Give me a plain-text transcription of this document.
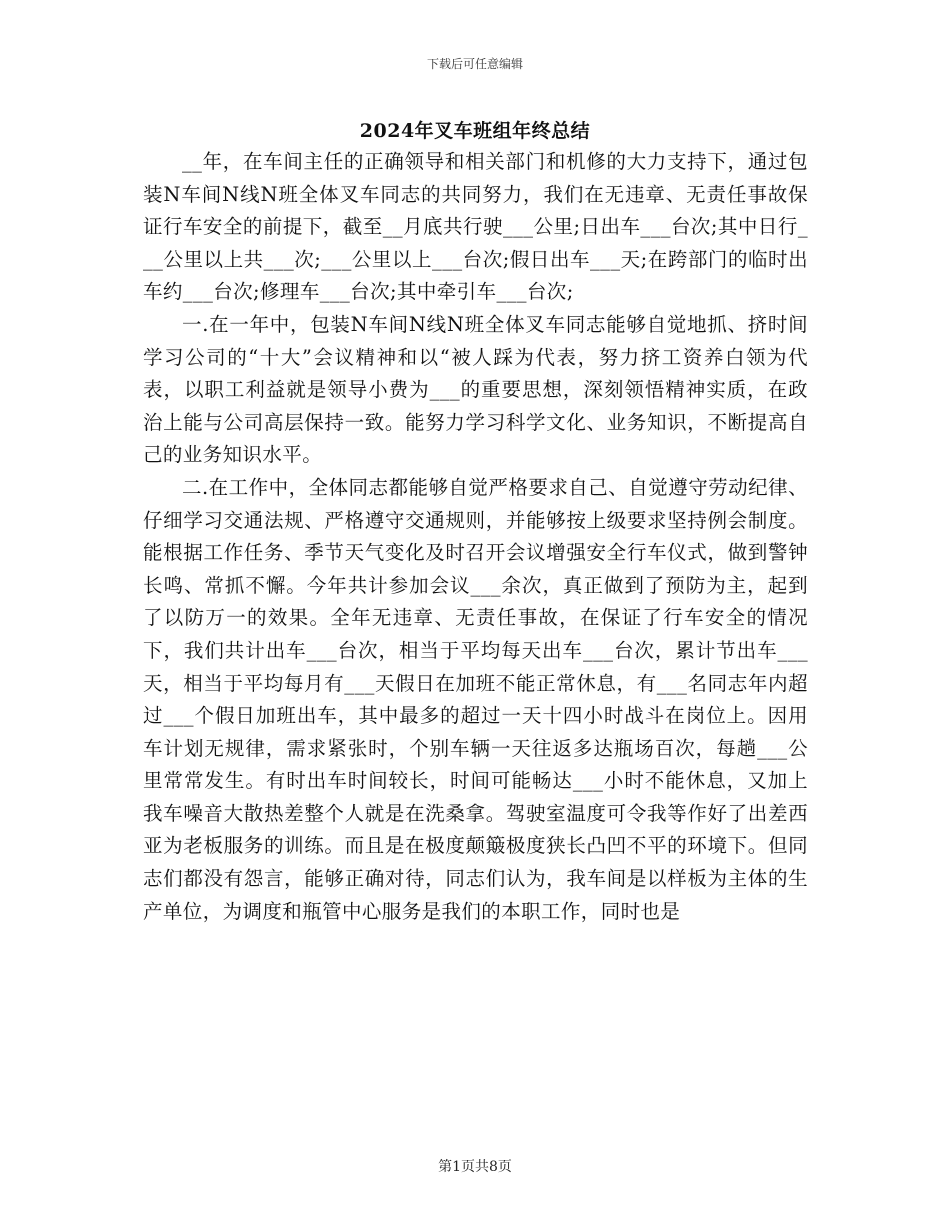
下载后可任意编辑
2024年叉车班组年终总结

__年，在车间主任的正确领导和相关部门和机修的大力支持下，通过包装N车间N线N班全体叉车同志的共同努力，我们在无违章、无责任事故保证行车安全的前提下，截至__月底共行驶___公里;日出车___台次;其中日行___公里以上共___次;___公里以上___台次;假日出车___天;在跨部门的临时出车约___台次;修理车___台次;其中牵引车___台次;

一.在一年中，包装N车间N线N班全体叉车同志能够自觉地抓、挤时间学习公司的“十大”会议精神和以“被人踩为代表，努力挤工资养白领为代表，以职工利益就是领导小费为___的重要思想，深刻领悟精神实质，在政治上能与公司高层保持一致。能努力学习科学文化、业务知识，不断提高自己的业务知识水平。

二.在工作中，全体同志都能够自觉严格要求自己、自觉遵守劳动纪律、仔细学习交通法规、严格遵守交通规则，并能够按上级要求坚持例会制度。能根据工作任务、季节天气变化及时召开会议增强安全行车仪式，做到警钟长鸣、常抓不懈。今年共计参加会议___余次，真正做到了预防为主，起到了以防万一的效果。全年无违章、无责任事故，在保证了行车安全的情况下，我们共计出车___台次，相当于平均每天出车___台次，累计节出车___天，相当于平均每月有___天假日在加班不能正常休息，有___名同志年内超过___个假日加班出车，其中最多的超过一天十四小时战斗在岗位上。因用车计划无规律，需求紧张时，个别车辆一天往返多达瓶场百次，每趟___公里常常发生。有时出车时间较长，时间可能畅达___小时不能休息，又加上我车噪音大散热差整个人就是在洗桑拿。驾驶室温度可令我等作好了出差西亚为老板服务的训练。而且是在极度颠簸极度狭长凸凹不平的环境下。但同志们都没有怨言，能够正确对待，同志们认为，我车间是以样板为主体的生产单位，为调度和瓶管中心服务是我们的本职工作，同时也是

第1页共8页
